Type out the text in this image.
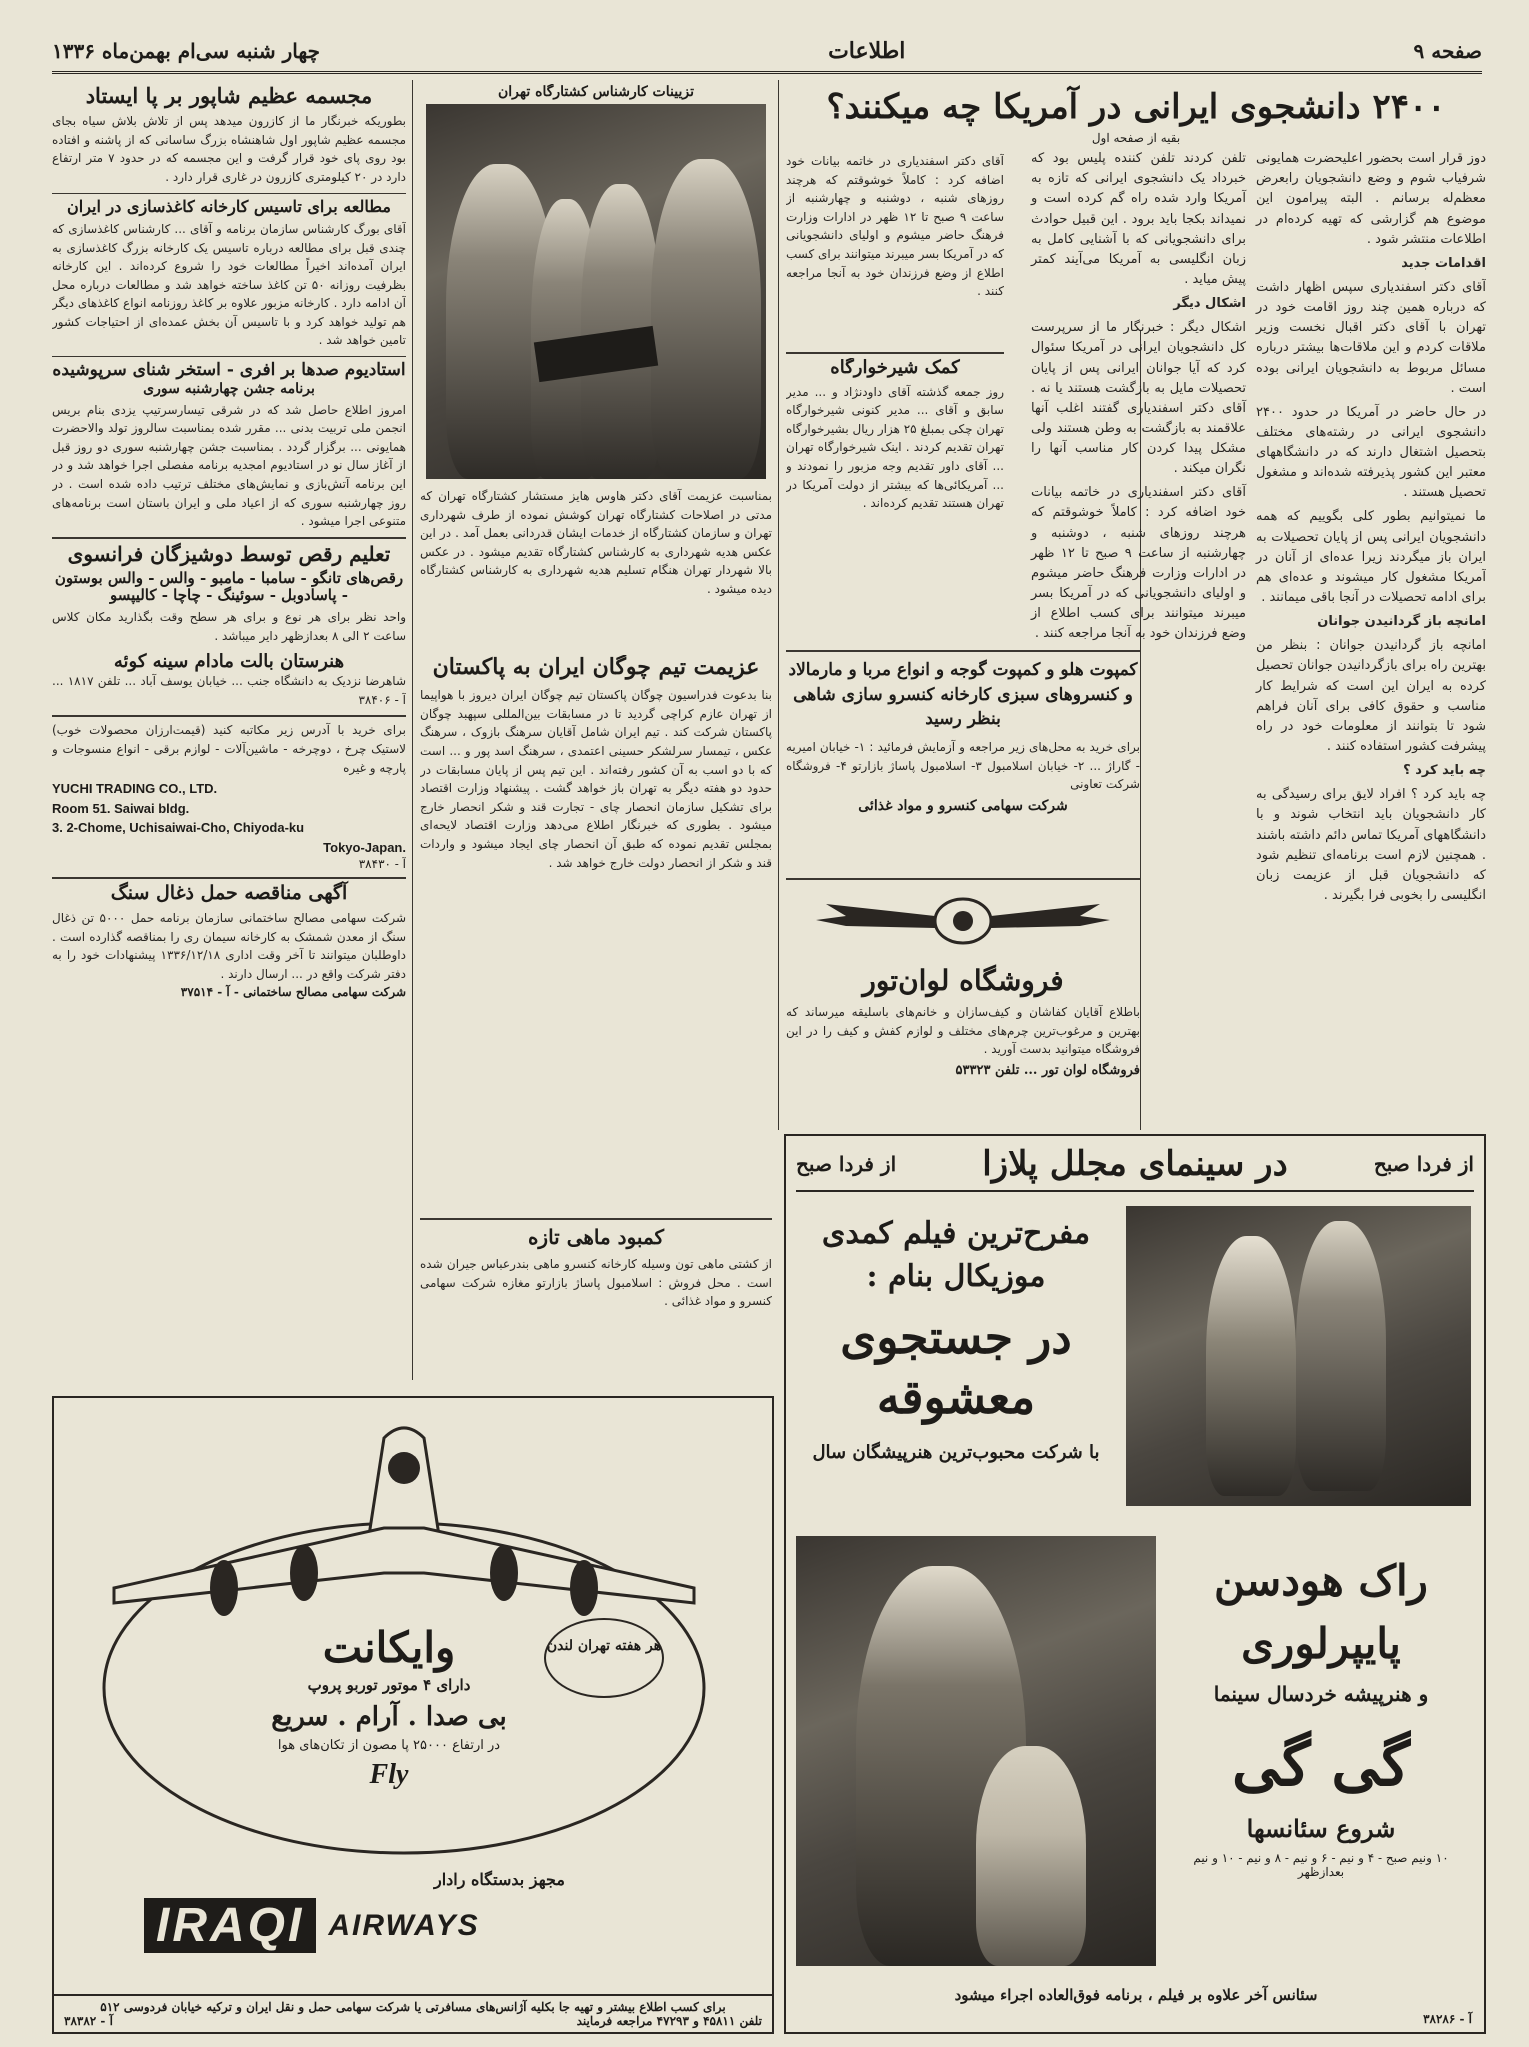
صفحه ۹
اطلاعات
چهار شنبه سی‌ام بهمن‌ماه ۱۳۳۶
۲۴۰۰ دانشجوی ایرانی در آمریکا چه میکنند؟
بقیه از صفحه اول

دوز قرار است بحضور اعلیحضرت همایونی شرفیاب شوم و وضع دانشجویان رابعرض معظم‌له برسانم . البته پیرامون این موضوع هم گزارشی که تهیه کرده‌ام در اطلاعات منتشر شود .

اقدامات جدید

آقای دکتر اسفندیاری سپس اظهار داشت که درباره همین چند روز اقامت خود در تهران با آقای دکتر اقبال نخست وزیر ملاقات کردم و این ملاقات‌ها بیشتر درباره مسائل مربوط به دانشجویان ایرانی بوده است .

در حال حاضر در آمریکا در حدود ۲۴۰۰ دانشجوی ایرانی در رشته‌های مختلف بتحصیل اشتغال دارند که در دانشگاههای معتبر این کشور پذیرفته شده‌اند و مشغول تحصیل هستند .

ما نمیتوانیم بطور کلی بگوییم که همه دانشجویان ایرانی پس از پایان تحصیلات به ایران باز میگردند زیرا عده‌ای از آنان در آمریکا مشغول کار میشوند و عده‌ای هم برای ادامه تحصیلات در آنجا باقی میمانند .

امانچه باز گردانیدن جوانان

امانچه باز گردانیدن جوانان : بنظر من بهترین راه برای بازگردانیدن جوانان تحصیل کرده به ایران این است که شرایط کار مناسب و حقوق کافی برای آنان فراهم شود تا بتوانند از معلومات خود در راه پیشرفت کشور استفاده کنند .

چه باید کرد ؟

چه باید کرد ؟ افراد لایق برای رسیدگی به کار دانشجویان باید انتخاب شوند و با دانشگاههای آمریکا تماس دائم داشته باشند . همچنین لازم است برنامه‌ای تنظیم شود که دانشجویان قبل از عزیمت زبان انگلیسی را بخوبی فرا بگیرند .

تلفن کردند تلفن کننده پلیس بود که خبرداد یک دانشجوی ایرانی که تازه به آمریکا وارد شده راه گم کرده است و نمیداند بکجا باید برود . این قبیل حوادث برای دانشجویانی که با آشنایی کامل به زبان انگلیسی به آمریکا می‌آیند کمتر پیش میاید .

اشکال دیگر

اشکال دیگر : خبرنگار ما از سرپرست کل دانشجویان ایرانی در آمریکا سئوال کرد که آیا جوانان ایرانی پس از پایان تحصیلات مایل به بازگشت هستند یا نه . آقای دکتر اسفندیاری گفتند اغلب آنها علاقمند به بازگشت به وطن هستند ولی مشکل پیدا کردن کار مناسب آنها را نگران میکند .

آقای دکتر اسفندیاری در خاتمه بیانات خود اضافه کرد : کاملاً خوشوقتم که هرچند روزهای شنبه ، دوشنبه و چهارشنبه از ساعت ۹ صبح تا ۱۲ ظهر در ادارات وزارت فرهنگ حاضر میشوم و اولیای دانشجویانی که در آمریکا بسر میبرند میتوانند برای کسب اطلاع از وضع فرزندان خود به آنجا مراجعه کنند .

آقای دکتر اسفندیاری در خاتمه بیانات خود اضافه کرد : کاملاً خوشوقتم که هرچند روزهای شنبه ، دوشنبه و چهارشنبه از ساعت ۹ صبح تا ۱۲ ظهر در ادارات وزارت فرهنگ حاضر میشوم و اولیای دانشجویانی که در آمریکا بسر میبرند میتوانند برای کسب اطلاع از وضع فرزندان خود به آنجا مراجعه کنند .
کمک شیرخوارگاه
روز جمعه گذشته آقای داود‌نژاد و ... مدیر سابق و آقای ... مدیر کنونی شیرخوارگاه تهران چکی بمبلغ ۲۵ هزار ریال بشیرخوارگاه تهران تقدیم کردند . اینک شیرخوارگاه تهران ... آقای داور تقدیم وجه مزبور را نمودند و ... آمریکائی‌ها که بیشتر از دولت آمریکا در تهران هستند تقدیم کرده‌اند .
کمپوت هلو و کمپوت گوجه و انواع مربا و مارمالاد و کنسروهای سبزی کارخانه کنسرو سازی شاهی بنظر رسید
برای خرید به محل‌های زیر مراجعه و آزمایش فرمائید : ۱- خیابان امیریه - گاراژ ... ۲- خیابان اسلامبول ۳- اسلامبول پاساژ بازارتو ۴- فروشگاه شرکت تعاونی
شرکت سهامی کنسرو و مواد غذائی
فروشگاه لوان‌تور
باطلاع آقایان کفاشان و کیف‌سازان و خانم‌های باسلیقه میرساند که بهترین و مرغوب‌ترین چرم‌های مختلف و لوازم کفش و کیف را در این فروشگاه میتوانید بدست آورید .
فروشگاه لوان تور ... تلفن ۵۳۳۲۳
تزیینات کارشناس کشتارگاه تهران
بمناسبت عزیمت آقای دکتر هاوس هایز مستشار کشتارگاه تهران که مدتی در اصلاحات کشتارگاه تهران کوشش نموده از طرف شهرداری تهران و سازمان کشتارگاه از خدمات ایشان قدردانی بعمل آمد . در این عکس هدیه شهرداری به کارشناس کشتارگاه تقدیم میشود . در عکس بالا شهردار تهران هنگام تسلیم هدیه شهرداری به کارشناس کشتارگاه دیده میشود .
عزیمت تیم چوگان ایران به پاکستان
بنا بدعوت فدراسیون چوگان پاکستان تیم چوگان ایران دیروز با هواپیما از تهران عازم کراچی گردید تا در مسابقات بین‌المللی سپهبد چوگان پاکستان شرکت کند . تیم ایران شامل آقایان سرهنگ بازوک ، سرهنگ عکس ، تیمسار سرلشکر حسینی اعتمدی ، سرهنگ اسد پور و ... است که با دو اسب به آن کشور رفته‌اند . این تیم پس از پایان مسابقات در حدود دو هفته دیگر به تهران باز خواهد گشت . پیشنهاد وزارت اقتصاد برای تشکیل سازمان انحصار چای - تجارت قند و شکر انحصار خارج میشود . بطوری که خبرنگار اطلاع می‌دهد وزارت اقتصاد لایحه‌ای بمجلس تقدیم نموده که طبق آن انحصار چای ایجاد میشود و واردات قند و شکر از انحصار دولت خارج خواهد شد .
کمبود ماهی تازه
از کشتی ماهی تون وسیله کارخانه کنسرو ماهی بندرعباس جیران شده است . محل فروش : اسلامبول پاساژ بازارتو مغازه شرکت سهامی کنسرو و مواد غذائی .
مجسمه عظیم شاپور بر پا ایستاد
بطوریکه خبرنگار ما از کازرون میدهد پس از تلاش بلاش سیاه بجای مجسمه عظیم شاپور اول شاهنشاه بزرگ ساسانی که از پاشنه و افتاده بود روی پای خود قرار گرفت و این مجسمه که در حدود ۷ متر ارتفاع دارد در ۲۰ کیلومتری کازرون در غاری قرار دارد .
مطالعه برای تاسیس کارخانه کاغذسازی در ایران
آقای بورگ کارشناس سازمان برنامه و آقای ... کارشناس کاغذسازی که چندی قبل برای مطالعه درباره تاسیس یک کارخانه بزرگ کاغذسازی به ایران آمده‌اند اخیراً مطالعات خود را شروع کرده‌اند . این کارخانه بظرفیت روزانه ۵۰ تن کاغذ ساخته خواهد شد و مطالعات درباره محل آن ادامه دارد . کارخانه مزبور علاوه بر کاغذ روزنامه انواع کاغذهای دیگر هم تولید خواهد کرد و با تاسیس آن بخش عمده‌ای از احتیاجات کشور تامین خواهد شد .
استادیوم صدها بر افری - استخر شنای سرپوشیده
برنامه جشن چهارشنبه سوری
امروز اطلاع حاصل شد که در شرقی تیسارسرتیپ یزدی بنام بریس انجمن ملی تربیت بدنی ... مقرر شده بمناسبت سالروز تولد والاحضرت همایونی ... برگزار گردد . بمناسبت جشن چهارشنبه سوری دو روز قبل از آغاز سال نو در استادیوم امجدیه برنامه مفصلی اجرا خواهد شد و در این برنامه آتش‌بازی و نمایش‌های مختلف ترتیب داده شده است . در روز چهارشنبه سوری که از اعیاد ملی و ایران باستان است برنامه‌های متنوعی اجرا میشود .
تعلیم رقص توسط دوشیزگان فرانسوی
رقص‌های تانگو - سامبا - مامبو - والس - والس بوستون - پاسادوبل - سوئینگ - چاچا - کالیپسو
واحد نظر برای هر نوع و برای هر سطح وقت بگذارید مکان کلاس ساعت ۲ الی ۸ بعدازظهر دایر میباشد .
هنرستان بالت مادام سینه کوئه
شاهرضا نزدیک به دانشگاه جنب ... خیابان یوسف آباد ... تلفن ۱۸۱۷ ... آ - ۳۸۴۰۶
برای خرید با آدرس زیر مکاتبه کنید (قیمت‌ارزان محصولات خوب) لاستیک چرخ ، دوچرخه - ماشین‌آلات - لوازم برقی - انواع منسوجات و پارچه و غیره
YUCHI TRADING CO., LTD.
Room 51. Saiwai bldg.
3. 2-Chome, Uchisaiwai-Cho, Chiyoda-ku
Tokyo-Japan.
آ - ۳۸۴۳۰
آگهی مناقصه حمل ذغال سنگ
شرکت سهامی مصالح ساختمانی سازمان برنامه حمل ۵۰۰۰ تن ذغال سنگ از معدن شمشک به کارخانه سیمان ری را بمناقصه گذارده است . داوطلبان میتوانند تا آخر وقت اداری ۱۳۳۶/۱۲/۱۸ پیشنهادات خود را به دفتر شرکت واقع در ... ارسال دارند .
شرکت سهامی مصالح ساختمانی - آ - ۳۷۵۱۴
از فردا صبح
در سینمای مجلل پلازا
از فردا صبح
مفرح‌ترین فیلم کمدی
موزیکال بنام :
در جستجوی معشوقه
با شرکت محبوب‌ترین هنرپیشگان سال
راک هودسن
پایپرلوری
و هنرپیشه خردسال سینما
گی گی
شروع سئانسها
۱۰ ونیم صبح - ۴ و نیم - ۶ و نیم - ۸ و نیم - ۱۰ و نیم بعدازظهر
سئانس آخر علاوه بر فیلم ، برنامه فوق‌العاده اجراء میشود
آ - ۳۸۲۸۶
هر هفته تهران لندن
وایکانت
دارای ۴ موتور توربو پروپ
بی صدا . آرام . سریع
در ارتفاع ۲۵۰۰۰ پا مصون از تکان‌های هوا
Fly
مجهز بدستگاه رادار
IRAQI AIRWAYS
برای کسب اطلاع بیشتر و تهیه جا بکلیه آژانس‌های مسافرتی یا شرکت سهامی حمل و نقل ایران و ترکیه خیابان فردوسی ۵۱۲
تلفن ۴۵۸۱۱ و ۴۷۲۹۳ مراجعه فرمایند
آ - ۳۸۳۸۲
